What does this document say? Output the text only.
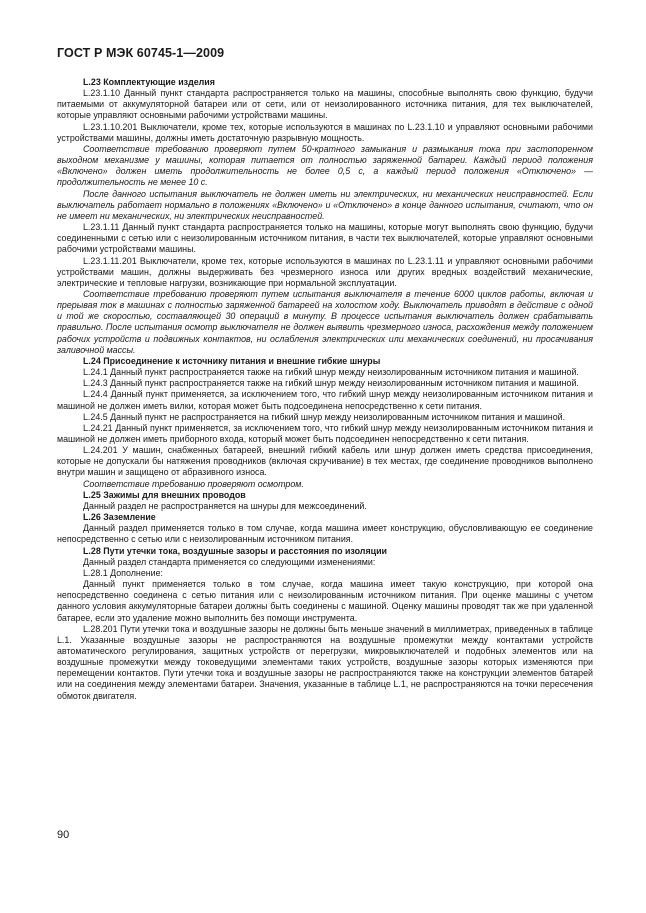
ГОСТ Р МЭК 60745-1—2009

L.23 Комплектующие изделия

L.23.1.10 Данный пункт стандарта распространяется только на машины, способные выполнять свою функцию, будучи питаемыми от аккумуляторной батареи или от сети, или от неизолированного источника питания, для тех выключателей, которые управляют основными рабочими устройствами машины.

L.23.1.10.201 Выключатели, кроме тех, которые используются в машинах по L.23.1.10 и управляют основными рабочими устройствами машины, должны иметь достаточную разрывную мощность.

Соответствие требованию проверяют путем 50-кратного замыкания и размыкания тока при застопоренном выходном механизме у машины, которая питается от полностью заряженной батареи. Каждый период положения «Включено» должен иметь продолжительность не более 0,5 с, а каждый период положения «Отключено» — продолжительность не менее 10 с.

После данного испытания выключатель не должен иметь ни электрических, ни механических неисправностей. Если выключатель работает нормально в положениях «Включено» и «Отключено» в конце данного испытания, считают, что он не имеет ни механических, ни электрических неисправностей.

L.23.1.11 Данный пункт стандарта распространяется только на машины, которые могут выполнять свою функцию, будучи соединенными с сетью или с неизолированным источником питания, в части тех выключателей, которые управляют основными рабочими устройствами машины.

L.23.1.11.201 Выключатели, кроме тех, которые используются в машинах по L.23.1.11 и управляют основными рабочими устройствами машин, должны выдерживать без чрезмерного износа или других вредных воздействий механические, электрические и тепловые нагрузки, возникающие при нормальной эксплуатации.

Соответствие требованию проверяют путем испытания выключателя в течение 6000 циклов работы, включая и прерывая ток в машинах с полностью заряженной батареей на холостом ходу. Выключатель приводят в действие с одной и той же скоростью, составляющей 30 операций в минуту. В процессе испытания выключатель должен срабатывать правильно. После испытания осмотр выключателя не должен выявить чрезмерного износа, расхождения между положением рабочих устройств и подвижных контактов, ни ослабления электрических или механических соединений, ни просачивания заливочной массы.

L.24 Присоединение к источнику питания и внешние гибкие шнуры

L.24.1 Данный пункт распространяется также на гибкий шнур между неизолированным источником питания и машиной.

L.24.3 Данный пункт распространяется также на гибкий шнур между неизолированным источником питания и машиной.

L.24.4 Данный пункт применяется, за исключением того, что гибкий шнур между неизолированным источником питания и машиной не должен иметь вилки, которая может быть подсоединена непосредственно к сети питания.

L.24.5 Данный пункт не распространяется на гибкий шнур между неизолированным источником питания и машиной.

L.24.21 Данный пункт применяется, за исключением того, что гибкий шнур между неизолированным источником питания и машиной не должен иметь приборного входа, который может быть подсоединен непосредственно к сети питания.

L.24.201 У машин, снабженных батареей, внешний гибкий кабель или шнур должен иметь средства присоединения, которые не допускали бы натяжения проводников (включая скручивание) в тех местах, где соединение проводников выполнено внутри машин и защищено от абразивного износа.

Соответствие требованию проверяют осмотром.

L.25 Зажимы для внешних проводов

Данный раздел не распространяется на шнуры для межсоединений.

L.26 Заземление

Данный раздел применяется только в том случае, когда машина имеет конструкцию, обусловливающую ее соединение непосредственно с сетью или с неизолированным источником питания.

L.28 Пути утечки тока, воздушные зазоры и расстояния по изоляции

Данный раздел стандарта применяется со следующими изменениями:

L.28.1 Дополнение:

Данный пункт применяется только в том случае, когда машина имеет такую конструкцию, при которой она непосредственно соединена с сетью питания или с неизолированным источником питания. При оценке машины с учетом данного условия аккумуляторные батареи должны быть соединены с машиной. Оценку машины проводят так же при удаленной батарее, если это удаление можно выполнить без помощи инструмента.

L.28.201 Пути утечки тока и воздушные зазоры не должны быть меньше значений в миллиметрах, приведенных в таблице L.1. Указанные воздушные зазоры не распространяются на воздушные промежутки между контактами устройств автоматического регулирования, защитных устройств от перегрузки, микровыключателей и подобных элементов или на воздушные промежутки между токоведущими элементами таких устройств, воздушные зазоры которых изменяются при перемещении контактов. Пути утечки тока и воздушные зазоры не распространяются также на конструкции элементов батарей или на соединения между элементами батареи. Значения, указанные в таблице L.1, не распространяются на точки пересечения обмоток двигателя.

90
